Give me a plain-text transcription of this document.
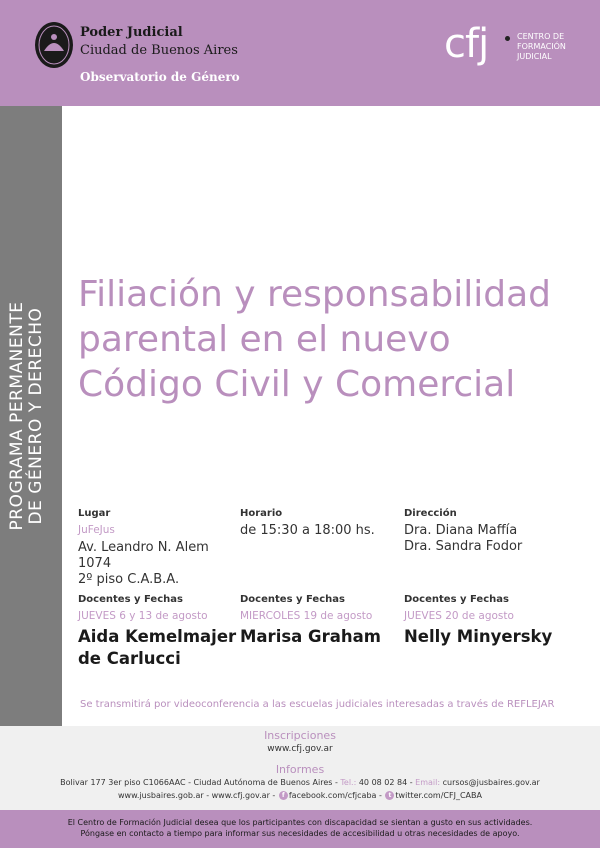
Poder Judicial
Ciudad de Buenos Aires
Observatorio de Género
cfj	CENTRO DE
FORMACIÓN
JUDICIAL
PROGRAMA PERMANENTE DE GÉNERO Y DERECHO
Filiación y responsabilidad
parental en el nuevo
Código Civil y Comercial
Lugar
JuFeJus
Av. Leandro N. Alem 1074
2º piso C.A.B.A.
Horario
de 15:30 a 18:00 hs.
Dirección
Dra. Diana Maffía
Dra. Sandra Fodor
Docentes y Fechas
JUEVES 6 y 13 de agosto
Aida Kemelmajer
de Carlucci
Docentes y Fechas
MIERCOLES 19 de agosto
Marisa Graham
Docentes y Fechas
JUEVES 20 de agosto
Nelly Minyersky
Se transmitirá por videoconferencia a las escuelas judiciales interesadas a través de REFLEJAR
Inscripciones
www.cfj.gov.ar
Informes
Bolivar 177 3er piso C1066AAC - Ciudad Autónoma de Buenos Aires - Tel.: 40 08 02 84 - Email: cursos@jusbaires.gov.ar
www.jusbaires.gob.ar - www.cfj.gov.ar - f facebook.com/cfjcaba - t twitter.com/CFJ_CABA
El Centro de Formación Judicial desea que los participantes con discapacidad se sientan a gusto en sus actividades.
Póngase en contacto a tiempo para informar sus necesidades de accesibilidad u otras necesidades de apoyo.
